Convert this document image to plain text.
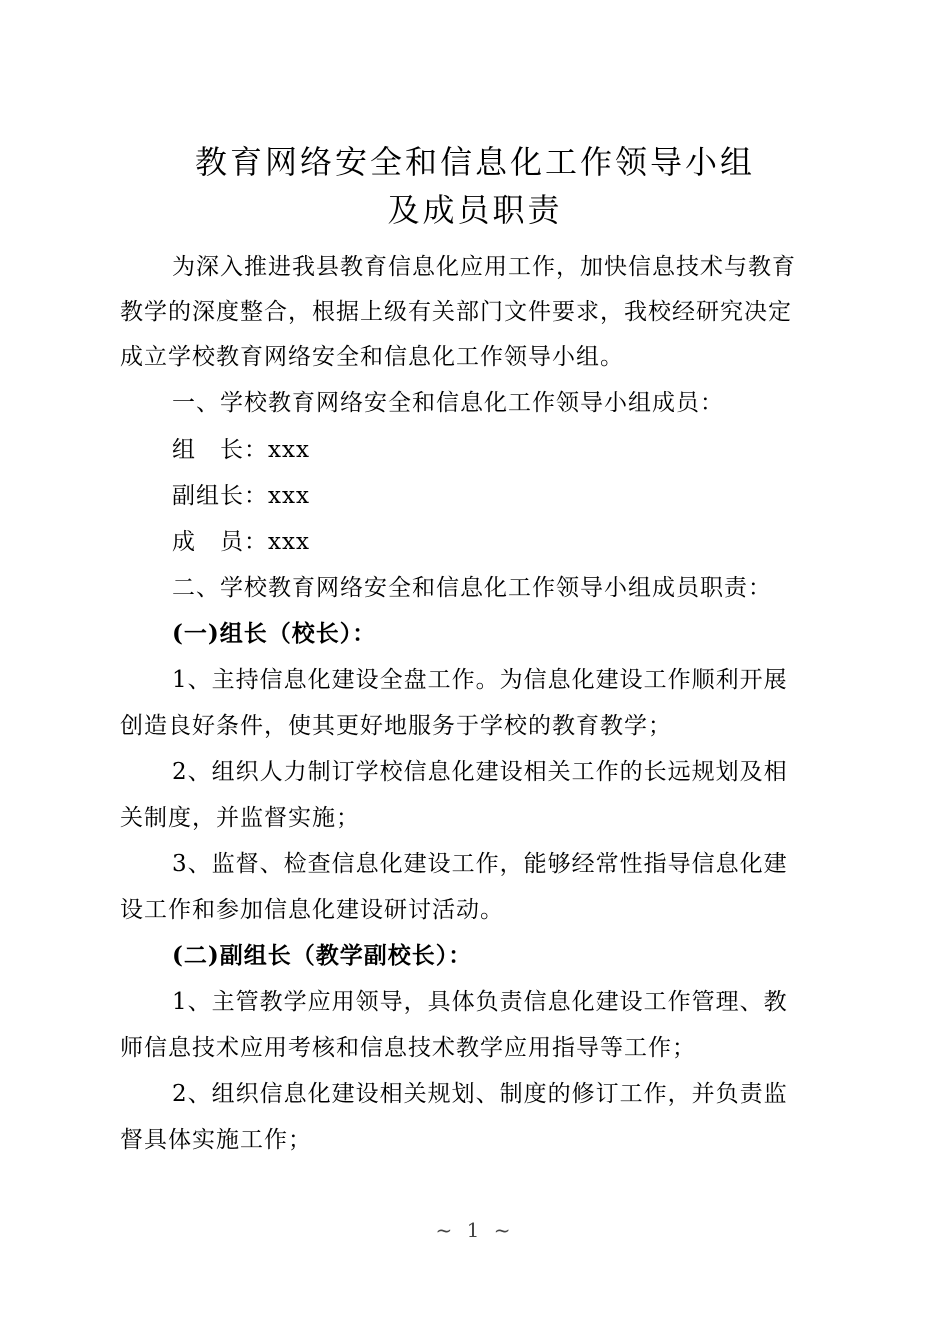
教育网络安全和信息化工作领导小组
及成员职责
为深入推进我县教育信息化应用工作，加快信息技术与教育
教学的深度整合，根据上级有关部门文件要求，我校经研究决定
成立学校教育网络安全和信息化工作领导小组。
一、学校教育网络安全和信息化工作领导小组成员：
组　长：xxx
副组长：xxx
成　员：xxx
二、学校教育网络安全和信息化工作领导小组成员职责：
(一)组长（校长）：
1、主持信息化建设全盘工作。为信息化建设工作顺利开展
创造良好条件，使其更好地服务于学校的教育教学；
2、组织人力制订学校信息化建设相关工作的长远规划及相
关制度，并监督实施；
3、监督、检查信息化建设工作，能够经常性指导信息化建
设工作和参加信息化建设研讨活动。
(二)副组长（教学副校长）：
1、主管教学应用领导，具体负责信息化建设工作管理、教
师信息技术应用考核和信息技术教学应用指导等工作；
2、组织信息化建设相关规划、制度的修订工作，并负责监
督具体实施工作；
~ 1 ~
